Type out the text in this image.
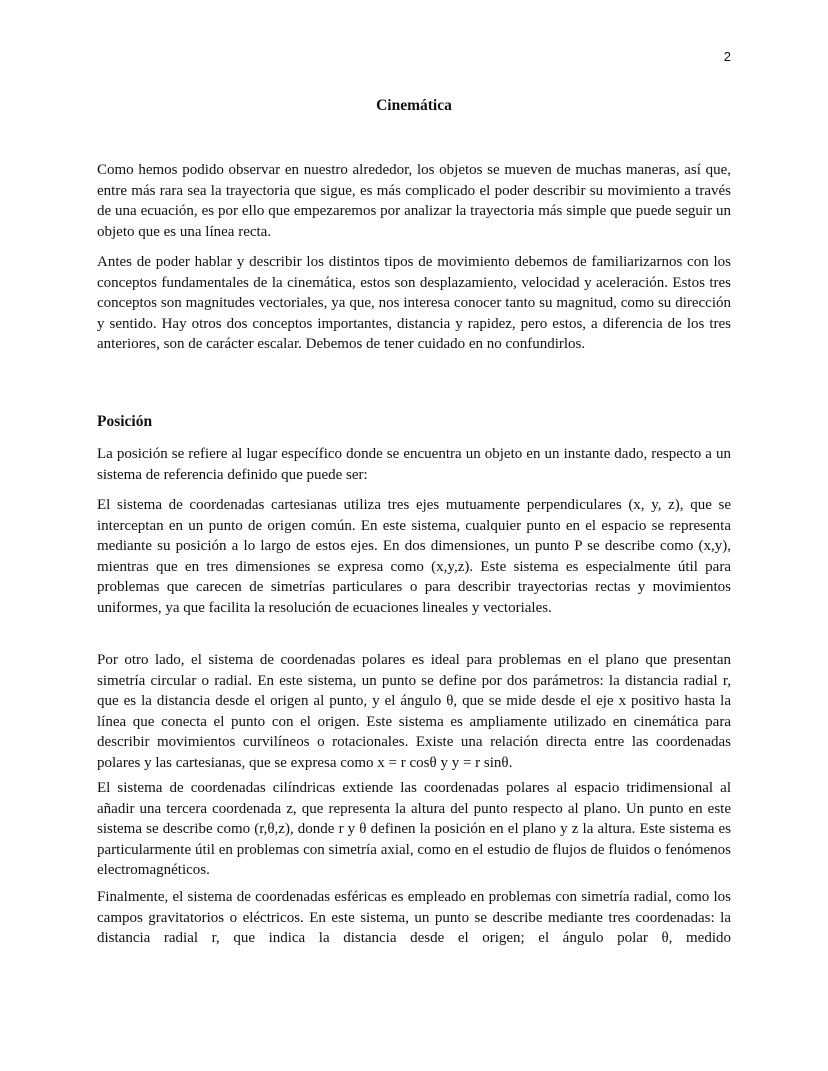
2
Cinemática

Como hemos podido observar en nuestro alrededor, los objetos se mueven de muchas maneras, así que, entre más rara sea la trayectoria que sigue, es más complicado el poder describir su movimiento a través de una ecuación, es por ello que empezaremos por analizar la trayectoria más simple que puede seguir un objeto que es una línea recta.

Antes de poder hablar y describir los distintos tipos de movimiento debemos de familiarizarnos con los conceptos fundamentales de la cinemática, estos son desplazamiento, velocidad y aceleración. Estos tres conceptos son magnitudes vectoriales, ya que, nos interesa conocer tanto su magnitud, como su dirección y sentido. Hay otros dos conceptos importantes, distancia y rapidez, pero estos, a diferencia de los tres anteriores, son de carácter escalar. Debemos de tener cuidado en no confundirlos.

Posición

La posición se refiere al lugar específico donde se encuentra un objeto en un instante dado, respecto a un sistema de referencia definido que puede ser:

El sistema de coordenadas cartesianas utiliza tres ejes mutuamente perpendiculares (x, y, z), que se interceptan en un punto de origen común. En este sistema, cualquier punto en el espacio se representa mediante su posición a lo largo de estos ejes. En dos dimensiones, un punto P se describe como (x,y), mientras que en tres dimensiones se expresa como (x,y,z). Este sistema es especialmente útil para problemas que carecen de simetrías particulares o para describir trayectorias rectas y movimientos uniformes, ya que facilita la resolución de ecuaciones lineales y vectoriales.

Por otro lado, el sistema de coordenadas polares es ideal para problemas en el plano que presentan simetría circular o radial. En este sistema, un punto se define por dos parámetros: la distancia radial r, que es la distancia desde el origen al punto, y el ángulo θ, que se mide desde el eje x positivo hasta la línea que conecta el punto con el origen. Este sistema es ampliamente utilizado en cinemática para describir movimientos curvilíneos o rotacionales. Existe una relación directa entre las coordenadas polares y las cartesianas, que se expresa como x = r cosθ y y = r sinθ.

El sistema de coordenadas cilíndricas extiende las coordenadas polares al espacio tridimensional al añadir una tercera coordenada z, que representa la altura del punto respecto al plano. Un punto en este sistema se describe como (r,θ,z), donde r y θ definen la posición en el plano y z la altura. Este sistema es particularmente útil en problemas con simetría axial, como en el estudio de flujos de fluidos o fenómenos electromagnéticos.

Finalmente, el sistema de coordenadas esféricas es empleado en problemas con simetría radial, como los campos gravitatorios o eléctricos. En este sistema, un punto se describe mediante tres coordenadas: la distancia radial r, que indica la distancia desde el origen; el ángulo polar θ, medido
